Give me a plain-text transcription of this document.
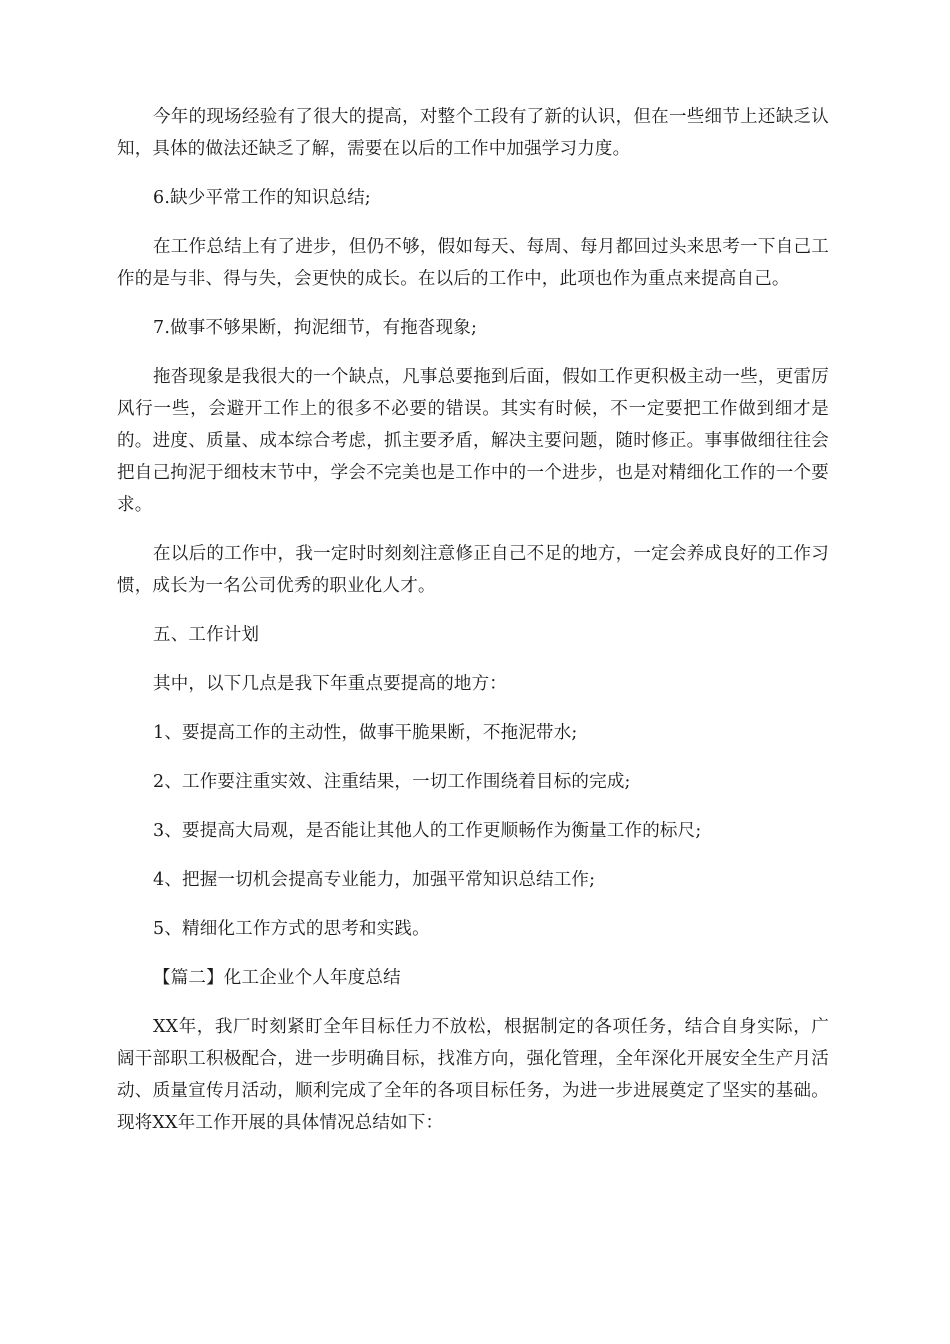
今年的现场经验有了很大的提高，对整个工段有了新的认识，但在一些细节上还缺乏认知，具体的做法还缺乏了解，需要在以后的工作中加强学习力度。

6.缺少平常工作的知识总结;

在工作总结上有了进步，但仍不够，假如每天、每周、每月都回过头来思考一下自己工作的是与非、得与失，会更快的成长。在以后的工作中，此项也作为重点来提高自己。

7.做事不够果断，拘泥细节，有拖沓现象;

拖沓现象是我很大的一个缺点，凡事总要拖到后面，假如工作更积极主动一些，更雷厉风行一些，会避开工作上的很多不必要的错误。其实有时候，不一定要把工作做到细才是的。进度、质量、成本综合考虑，抓主要矛盾，解决主要问题，随时修正。事事做细往往会把自己拘泥于细枝末节中，学会不完美也是工作中的一个进步，也是对精细化工作的一个要求。

在以后的工作中，我一定时时刻刻注意修正自己不足的地方，一定会养成良好的工作习惯，成长为一名公司优秀的职业化人才。

五、工作计划

其中，以下几点是我下年重点要提高的地方：

1、要提高工作的主动性，做事干脆果断，不拖泥带水;

2、工作要注重实效、注重结果，一切工作围绕着目标的完成;

3、要提高大局观，是否能让其他人的工作更顺畅作为衡量工作的标尺;

4、把握一切机会提高专业能力，加强平常知识总结工作;

5、精细化工作方式的思考和实践。

【篇二】化工企业个人年度总结

XX年，我厂时刻紧盯全年目标任力不放松，根据制定的各项任务，结合自身实际，广阔干部职工积极配合，进一步明确目标，找准方向，强化管理，全年深化开展安全生产月活动、质量宣传月活动，顺利完成了全年的各项目标任务，为进一步进展奠定了坚实的基础。现将XX年工作开展的具体情况总结如下：
